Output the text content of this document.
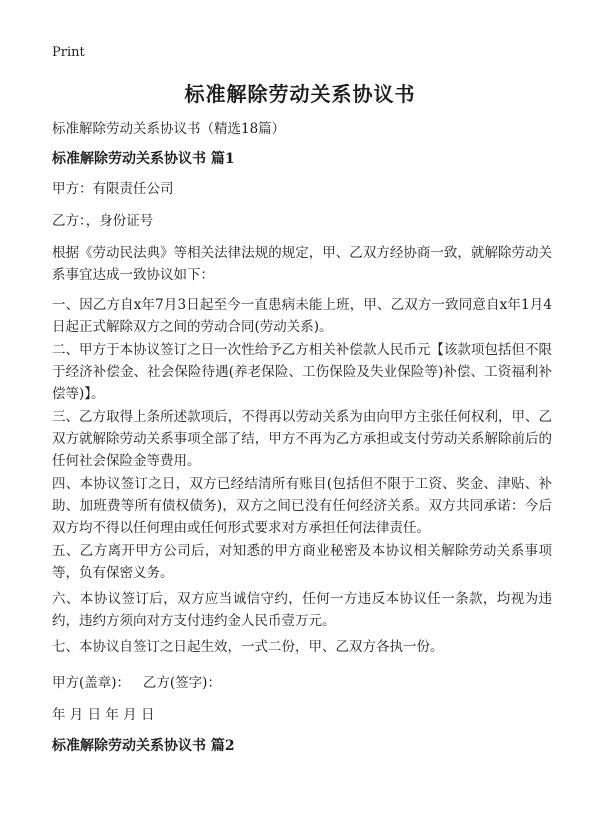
Print
标准解除劳动关系协议书

标准解除劳动关系协议书（精选18篇）

标准解除劳动关系协议书 篇1

甲方：有限责任公司

乙方：，身份证号

根据《劳动民法典》等相关法律法规的规定，甲、乙双方经协商一致，就解除劳动关系事宜达成一致协议如下：

一、因乙方自x年7月3日起至今一直患病未能上班，甲、乙双方一致同意自x年1月4日起正式解除双方之间的劳动合同(劳动关系)。

二、甲方于本协议签订之日一次性给予乙方相关补偿款人民币元【该款项包括但不限于经济补偿金、社会保险待遇(养老保险、工伤保险及失业保险等)补偿、工资福利补偿等)】。

三、乙方取得上条所述款项后，不得再以劳动关系为由向甲方主张任何权利，甲、乙双方就解除劳动关系事项全部了结，甲方不再为乙方承担或支付劳动关系解除前后的任何社会保险金等费用。

四、本协议签订之日，双方已经结清所有账目(包括但不限于工资、奖金、津贴、补助、加班费等所有债权债务)，双方之间已没有任何经济关系。双方共同承诺：今后双方均不得以任何理由或任何形式要求对方承担任何法律责任。

五、乙方离开甲方公司后，对知悉的甲方商业秘密及本协议相关解除劳动关系事项等，负有保密义务。

六、本协议签订后，双方应当诚信守约，任何一方违反本协议任一条款，均视为违约，违约方须向对方支付违约金人民币壹万元。

七、本协议自签订之日起生效，一式二份，甲、乙双方各执一份。

甲方(盖章)：   乙方(签字)：

年 月 日 年 月 日

标准解除劳动关系协议书 篇2
